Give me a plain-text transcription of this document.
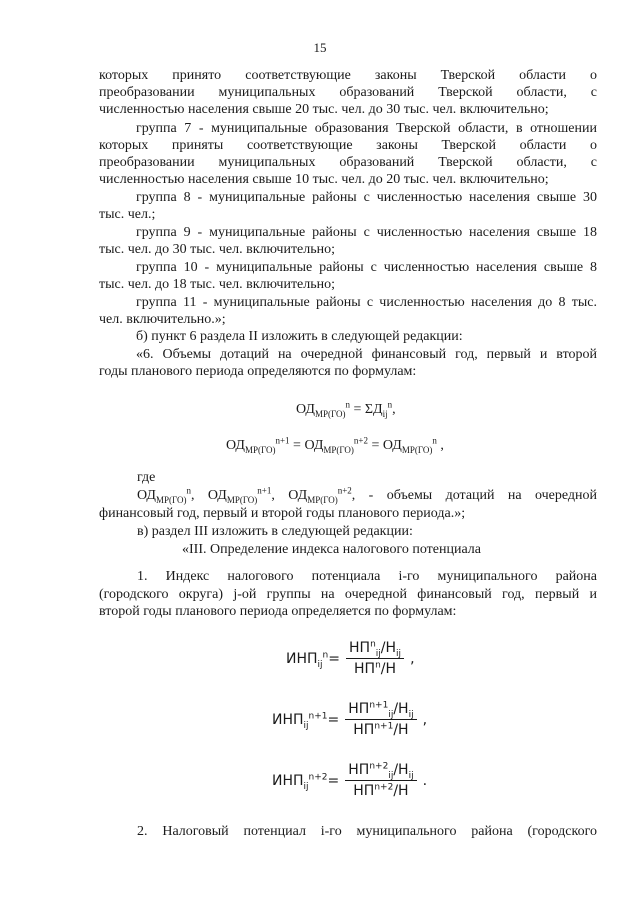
15
которых принято соответствующие законы Тверской области о
преобразовании муниципальных образований Тверской области, с
численностью населения свыше 20 тыс. чел. до 30 тыс. чел. включительно;
группа 7 - муниципальные образования Тверской области, в отношении
которых приняты соответствующие законы Тверской области о
преобразовании муниципальных образований Тверской области, с
численностью населения свыше 10 тыс. чел. до 20 тыс. чел. включительно;
группа 8 - муниципальные районы с численностью населения свыше 30
тыс. чел.;
группа 9 - муниципальные районы с численностью населения свыше 18
тыс. чел. до 30 тыс. чел. включительно;
группа 10 - муниципальные районы с численностью населения свыше 8
тыс. чел. до 18 тыс. чел. включительно;
группа 11 - муниципальные районы с численностью населения до 8 тыс.
чел. включительно.»;
б) пункт 6 раздела II изложить в следующей редакции:
«6. Объемы дотаций на очередной финансовый год, первый и второй
годы планового периода определяются по формулам:
$ОД_{МР(ГО)}^n = \Sigma Д_{ij}^n$,
$ОД_{МР(ГО)}^{n+1} = ОД_{МР(ГО)}^{n+2} = ОД_{МР(ГО)}^n$ ,
где
$ОД_{МР(ГО)}^n$, $ОД_{МР(ГО)}^{n+1}$, $ОД_{МР(ГО)}^{n+2}$, - объемы дотаций на очередной
финансовый год, первый и второй годы планового периода.»;
в) раздел III изложить в следующей редакции:
«III. Определение индекса налогового потенциала
1. Индекс налогового потенциала i-го муниципального района
(городского округа) j-ой группы на очередной финансовый год, первый и
второй годы планового периода определяется по формулам:
$ИНП_{ij}^n = \frac{НП^n_{ij}/Н_{ij}}{НП^n/Н}$ ,
$ИНП_{ij}^{n+1} = \frac{НП^{n+1}_{ij}/Н_{ij}}{НП^{n+1}/Н}$ ,
$ИНП_{ij}^{n+2} = \frac{НП^{n+2}_{ij}/Н_{ij}}{НП^{n+2}/Н}$ .
2. Налоговый потенциал i-го муниципального района (городского
